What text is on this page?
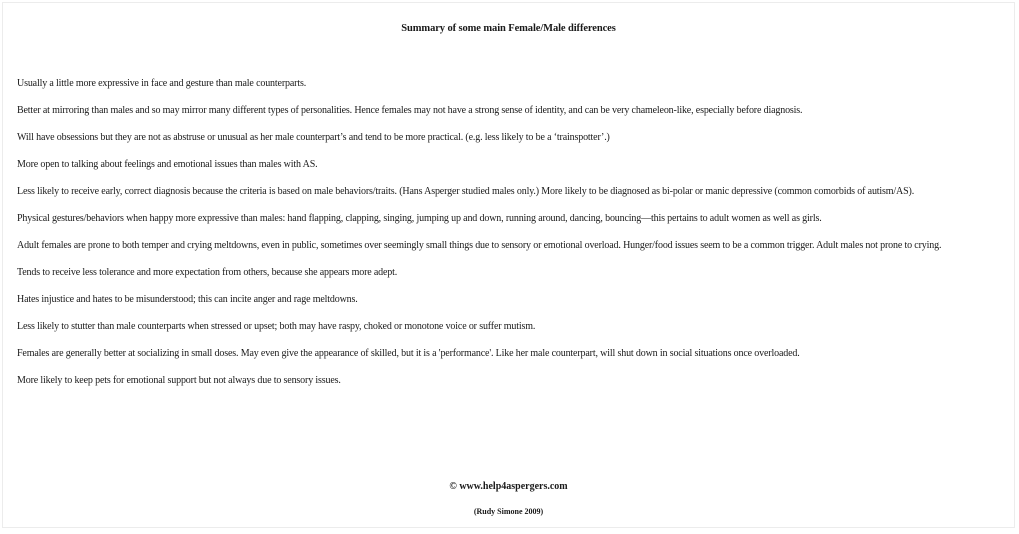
Summary of some main Female/Male differences
Usually a little more expressive in face and gesture than male counterparts.
Better at mirroring than males and so may mirror many different types of personalities. Hence females may not have a strong sense of identity, and can be very chameleon-like, especially before diagnosis.
Will have obsessions but they are not as abstruse or unusual as her male counterpart’s and tend to be more practical. (e.g. less likely to be a ‘trainspotter’.)
More open to talking about feelings and emotional issues than males with AS.
Less likely to receive early, correct diagnosis because the criteria is based on male behaviors/traits. (Hans Asperger studied males only.) More likely to be diagnosed as bi-polar or manic depressive (common comorbids of autism/AS).
Physical gestures/behaviors when happy more expressive than males: hand flapping, clapping, singing, jumping up and down, running around, dancing, bouncing—this pertains to adult women as well as girls.
Adult females are prone to both temper and crying meltdowns, even in public, sometimes over seemingly small things due to sensory or emotional overload. Hunger/food issues seem to be a common trigger. Adult males not prone to crying.
Tends to receive less tolerance and more expectation from others, because she appears more adept.
Hates injustice and hates to be misunderstood; this can incite anger and rage meltdowns.
Less likely to stutter than male counterparts when stressed or upset; both may have raspy, choked or monotone voice or suffer mutism.
Females are generally better at socializing in small doses. May even give the appearance of skilled, but it is a 'performance'. Like her male counterpart, will shut down in social situations once overloaded.
More likely to keep pets for emotional support but not always due to sensory issues.
© www.help4aspergers.com
(Rudy Simone 2009)
